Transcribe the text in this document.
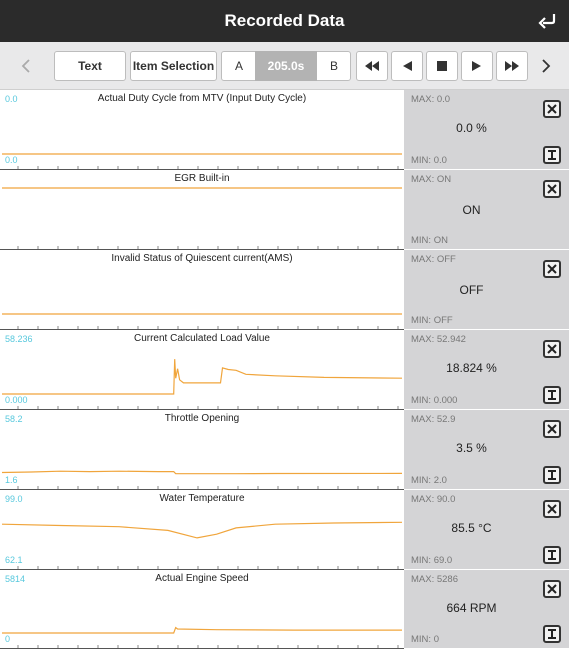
Recorded Data
Text	Item Selection	A	205.0s	B
Actual Duty Cycle from MTV (Input Duty Cycle)
0.0
0.0
MAX: 0.0
0.0 %
MIN: 0.0
EGR Built-in	MAX: ON
ON
MIN: ON
Invalid Status of Quiescent current(AMS)	MAX: OFF
OFF
MIN: OFF
Current Calculated Load Value
58.236
0.000
MAX: 52.942
18.824 %
MIN: 0.000
Throttle Opening
58.2
1.6
MAX: 52.9
3.5 %
MIN: 2.0
Water Temperature
99.0
62.1
MAX: 90.0
85.5 °C
MIN: 69.0
Actual Engine Speed
5814
0
MAX: 5286
664 RPM
MIN: 0
